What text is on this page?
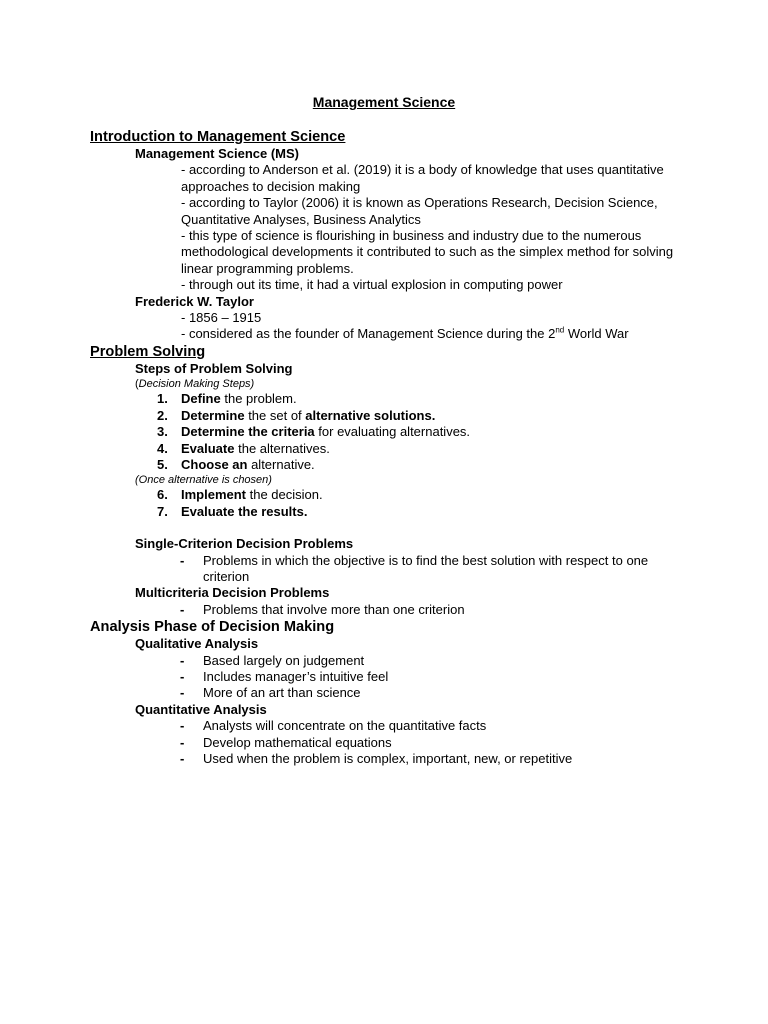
Management Science
Introduction to Management Science
Management Science (MS)
- according to Anderson et al. (2019) it is a body of knowledge that uses quantitative approaches to decision making
- according to Taylor (2006) it is known as Operations Research, Decision Science, Quantitative Analyses, Business Analytics
- this type of science is flourishing in business and industry due to the numerous methodological developments it contributed to such as the simplex method for solving linear programming problems.
- through out its time, it had a virtual explosion in computing power
Frederick W. Taylor
- 1856 – 1915
- considered as the founder of Management Science during the 2nd World War
Problem Solving
Steps of Problem Solving
(Decision Making Steps)
1. Define the problem.
2. Determine the set of alternative solutions.
3. Determine the criteria for evaluating alternatives.
4. Evaluate the alternatives.
5. Choose an alternative.
(Once alternative is chosen)
6. Implement the decision.
7. Evaluate the results.
Single-Criterion Decision Problems
- Problems in which the objective is to find the best solution with respect to one criterion
Multicriteria Decision Problems
- Problems that involve more than one criterion
Analysis Phase of Decision Making
Qualitative Analysis
- Based largely on judgement
- Includes manager’s intuitive feel
- More of an art than science
Quantitative Analysis
- Analysts will concentrate on the quantitative facts
- Develop mathematical equations
- Used when the problem is complex, important, new, or repetitive
